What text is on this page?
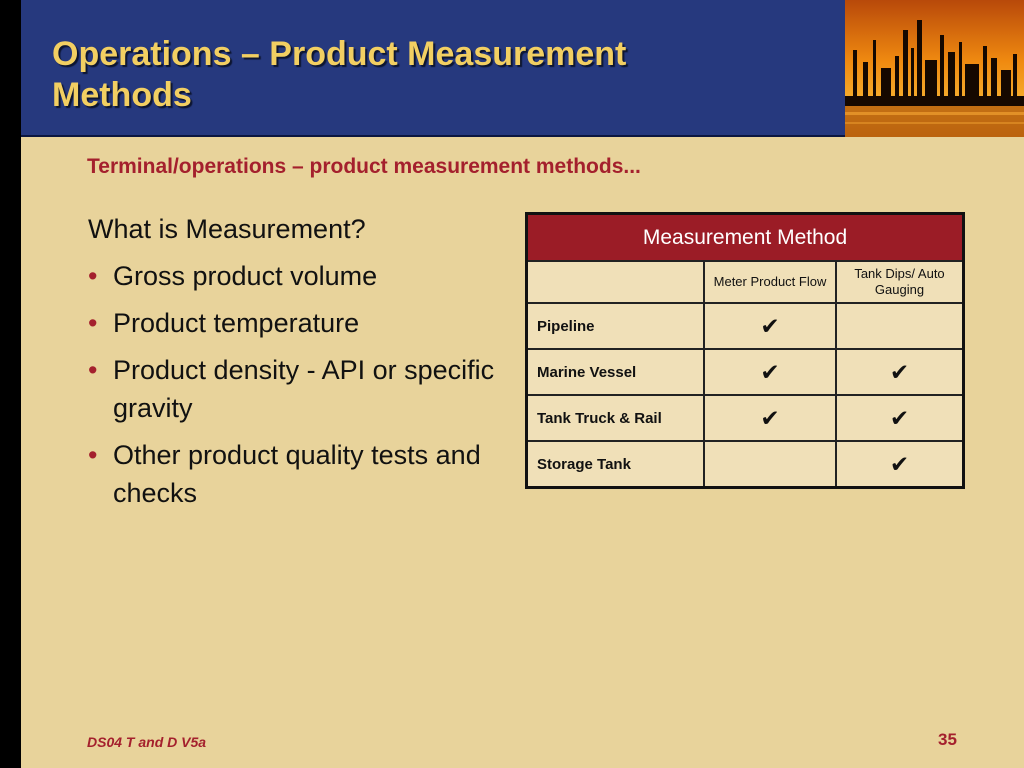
Operations – Product Measurement
Methods
Terminal/operations – product measurement methods...
What is Measurement?
• Gross product volume
• Product temperature
• Product density - API or specific gravity
• Other product quality tests and checks
Measurement Method		
	Meter Product Flow	Tank Dips/ Auto Gauging
Pipeline	✔	
Marine Vessel	✔	✔
Tank Truck & Rail	✔	✔
Storage Tank		✔
DS04 T and D V5a	35
